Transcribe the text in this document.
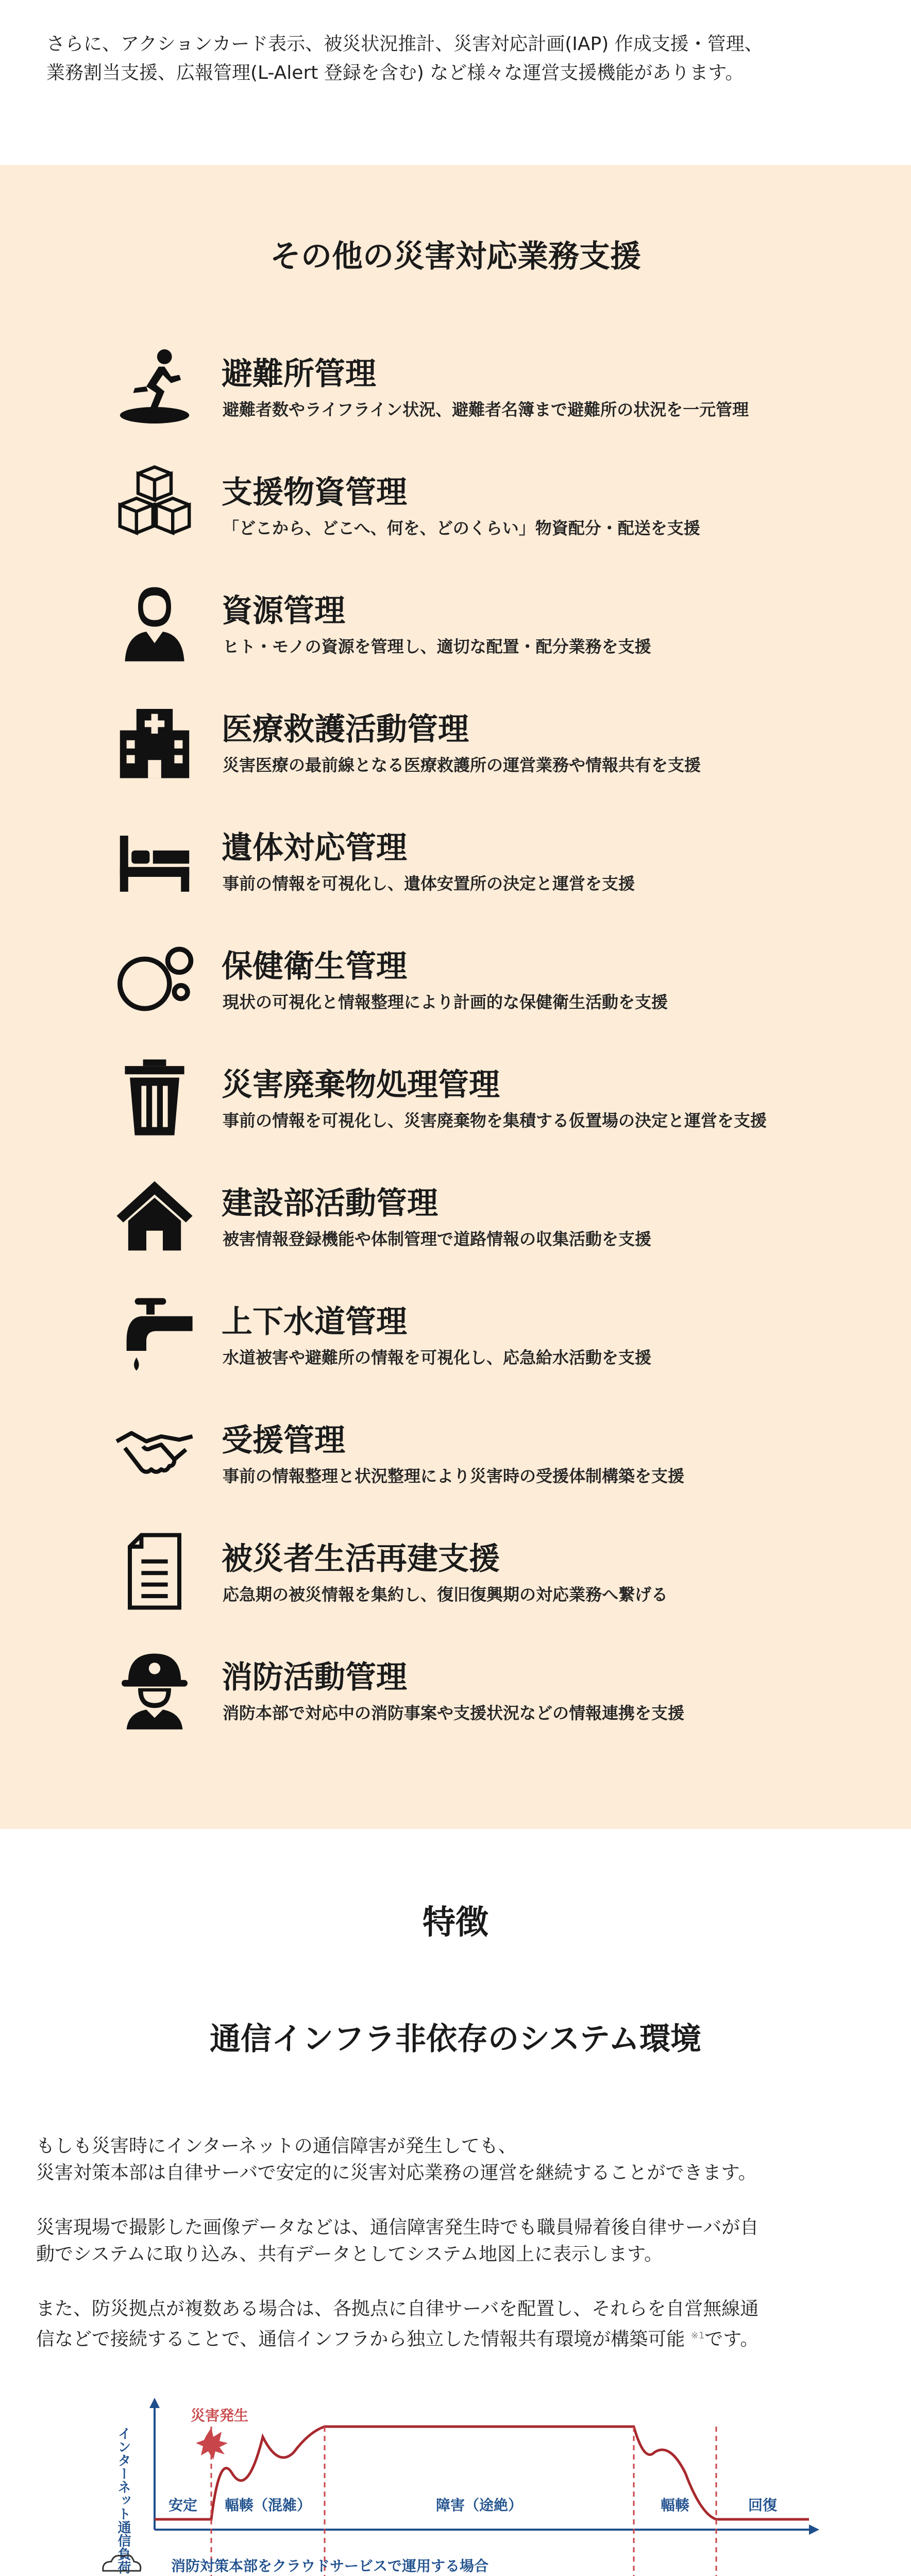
さらに、アクションカード表示、被災状況推計、災害対応計画(IAP) 作成支援・管理、
業務割当支援、広報管理(L-Alert 登録を含む) など様々な運営支援機能があります。
その他の災害対応業務支援
避難所管理
避難者数やライフライン状況、避難者名簿まで避難所の状況を一元管理
支援物資管理
「どこから、どこへ、何を、どのくらい」物資配分・配送を支援
資源管理
ヒト・モノの資源を管理し、適切な配置・配分業務を支援
医療救護活動管理
災害医療の最前線となる医療救護所の運営業務や情報共有を支援
遺体対応管理
事前の情報を可視化し、遺体安置所の決定と運営を支援
保健衛生管理
現状の可視化と情報整理により計画的な保健衛生活動を支援
災害廃棄物処理管理
事前の情報を可視化し、災害廃棄物を集積する仮置場の決定と運営を支援
建設部活動管理
被害情報登録機能や体制管理で道路情報の収集活動を支援
上下水道管理
水道被害や避難所の情報を可視化し、応急給水活動を支援
受援管理
事前の情報整理と状況整理により災害時の受援体制構築を支援
被災者生活再建支援
応急期の被災情報を集約し、復旧復興期の対応業務へ繋げる
消防活動管理
消防本部で対応中の消防事案や支援状況などの情報連携を支援
特徴
通信インフラ非依存のシステム環境
もしも災害時にインターネットの通信障害が発生しても、
災害対策本部は自律サーバで安定的に災害対応業務の運営を継続することができます。
災害現場で撮影した画像データなどは、通信障害発生時でも職員帰着後自律サーバが自
動でシステムに取り込み、共有データとしてシステム地図上に表示します。
また、防災拠点が複数ある場合は、各拠点に自律サーバを配置し、それらを自営無線通
信などで接続することで、通信インフラから独立した情報共有環境が構築可能 $^{※1}$です。
インターネット通信負荷
災害発生
安定 輻輳（混雑）	障害（途絶）	輻輳	回復
消防対策本部をクラウドサービスで運用する場合
